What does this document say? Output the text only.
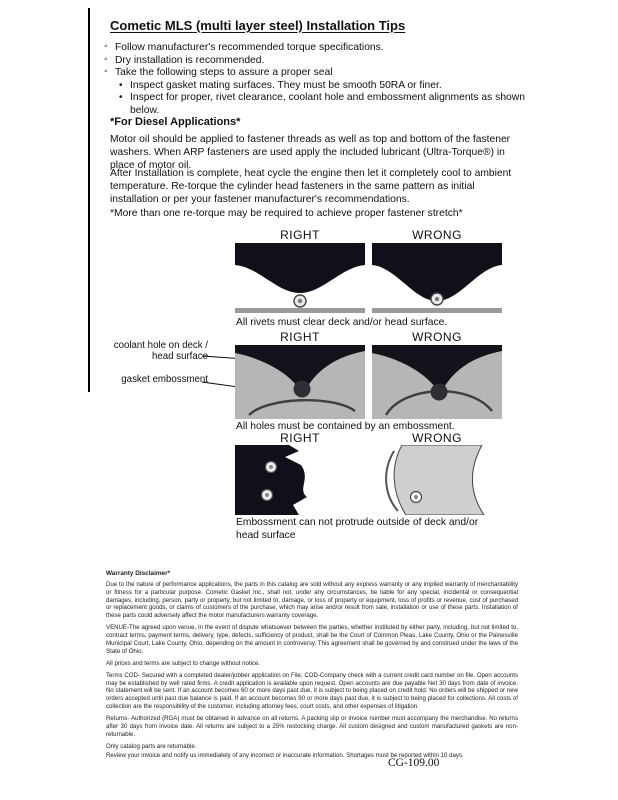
Cometic MLS (multi layer steel) Installation Tips
◦ Follow manufacturer's recommended torque specifications.
◦ Dry installation is recommended.
◦ Take the following steps to assure a proper seal
• Inspect gasket mating surfaces. They must be smooth 50RA or finer.
• Inspect for proper, rivet clearance, coolant hole and embossment alignments as shown below.
*For Diesel Applications*
Motor oil should be applied to fastener threads as well as top and bottom of the fastener washers. When ARP fasteners are used apply the included lubricant (Ultra-Torque®) in place of motor oil.
After Installation is complete, heat cycle the engine then let it completely cool to ambient temperature. Re-torque the cylinder head fasteners in the same pattern as initial installation or per your fastener manufacturer's recommendations.
*More than one re-torque may be required to achieve proper fastener stretch*
RIGHT	WRONG
All rivets must clear deck and/or head surface.
RIGHT	WRONG
coolant hole on deck / head surface
gasket embossment
All holes must be contained by an embossment.
RIGHT	WRONG
Embossment can not protrude outside of deck and/or head surface

Warranty Disclaimer*

Due to the nature of performance applications, the parts in this catalog are sold without any express warranty or any implied warranty of merchantability or fitness for a particular purpose. Cometic Gasket Inc., shall not, under any circumstances, be liable for any special, incidental or consequential damages, including, person, party or property, but not limited to, damage, or loss of property or equipment, loss of profits or revenue, cost of purchased or replacement goods, or claims of customers of the purchase, which may arise and/or result from sale, installation or use of these parts. Installation of these parts could adversely affect the motor manufacturers warranty coverage.

VENUE-The agreed upon venue, in the event of dispute whatsoever between the parties, whether instituted by either party, including, but not limited to, contract terms, payment terms, delivery, type, defects, sufficiency of product, shall be the Court of Common Pleas, Lake County, Ohio or the Painesville Municipal Court, Lake County, Ohio, depending on the amount in controversy. This agreement shall be governed by and construed under the laws of the State of Ohio.

All prices and terms are subject to change without notice.

Terms COD- Secured with a completed dealer/jobber application on File, COD-Company check with a current credit card number on file. Open accounts may be established by well rated firms. A credit application is available upon request. Open accounts are due payable Net 30 days from date of invoice. No statement will be sent. If an account becomes 60 or more days past due, it is subject to being placed on credit hold. No orders will be shipped or new orders accepted until past due balance is paid. If an account becomes 90 or more days past due, it is subject to being placed for collections. All costs of collection are the responsibility of the customer, including attorney fees, court costs, and other expenses of litigation.

Returns- Authorized (RGA) must be obtained in advance on all returns. A packing slip or invoice number must accompany the merchandise. No returns after 30 days from invoice date. All returns are subject to a 25% restocking charge. All custom designed and custom manufactured gaskets are non-returnable.

Only catalog parts are returnable.

Review your invoice and notify us immediately of any incorrect or inaccurate information. Shortages must be reported within 10 days.

CG-109.00
